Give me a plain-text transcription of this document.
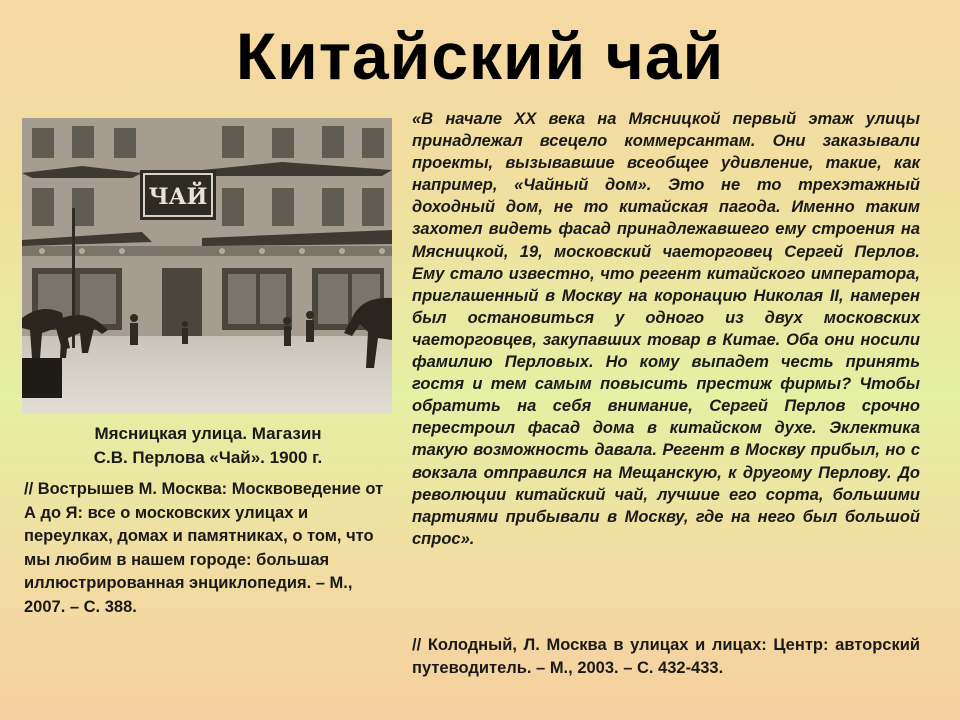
Китайский чай
ЧАЙ
Мясницкая улица. Магазин
С.В. Перлова «Чай». 1900 г.
// Вострышев М. Москва: Москвоведение от А до Я: все о московских улицах и переулках, домах и памятниках, о том, что мы любим в нашем городе: большая иллюстрированная энциклопедия. – М., 2007. – С. 388.
«В начале ХХ века на Мясницкой первый этаж улицы принадлежал всецело коммерсантам. Они заказывали проекты, вызывавшие всеобщее удивление, такие, как например, «Чайный дом». Это не то трехэтажный доходный дом, не то китайская пагода. Именно таким захотел видеть фасад принадлежавшего ему строения на Мясницкой, 19, московский чаеторговец Сергей Перлов. Ему стало известно, что регент китайского императора, приглашенный в Москву на коронацию Николая II, намерен был остановиться у одного из двух московских чаеторговцев, закупавших товар в Китае. Оба они носили фамилию Перловых. Но кому выпадет честь принять гостя и тем самым повысить престиж фирмы? Чтобы обратить на себя внимание, Сергей Перлов срочно перестроил фасад дома в китайском духе. Эклектика такую возможность давала. Регент в Москву прибыл, но с вокзала отправился на Мещанскую, к другому Перлову. До революции китайский чай, лучшие его сорта, большими партиями прибывали в Москву, где на него был большой спрос».
// Колодный, Л. Москва в улицах и лицах: Центр: авторский путеводитель. – М., 2003. – С. 432-433.
